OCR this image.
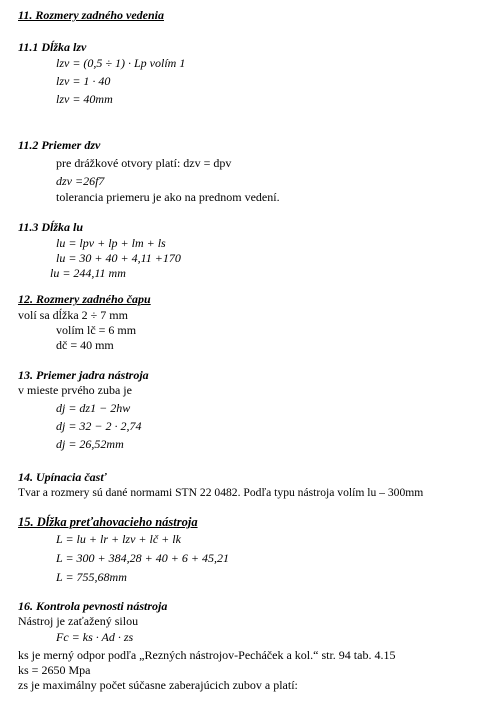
11. Rozmery zadného vedenia
11.1 Dĺžka lzv
lzv = (0,5 ÷ 1) · Lp volím 1
lzv = 1 · 40
lzv = 40mm
11.2 Priemer dzv
pre drážkové otvory platí: dzv = dpv
dzv =26f7
tolerancia priemeru je ako na prednom vedení.
11.3 Dĺžka lu
lu = lpv + lp + lm + ls
lu = 30 + 40 + 4,11 +170
lu = 244,11 mm
12. Rozmery zadného čapu
volí sa dĺžka 2 ÷ 7 mm
volím lč = 6 mm
dč = 40 mm
13. Priemer jadra nástroja
v mieste prvého zuba je
dj = dz1 − 2hw
dj = 32 − 2 · 2,74
dj = 26,52mm
14. Upínacia časť
Tvar a rozmery sú dané normami STN 22 0482. Podľa typu nástroja volím lu – 300mm
15. Dĺžka preťahovacieho nástroja
L = lu + lr + lzv + lč + lk
L = 300 + 384,28 + 40 + 6 + 45,21
L = 755,68mm
16. Kontrola pevnosti nástroja
Nástroj je zaťažený silou
Fc = ks · Ad · zs
ks je merný odpor podľa „Rezných nástrojov-Pecháček a kol.“ str. 94 tab. 4.15
ks = 2650 Mpa
zs je maximálny počet súčasne zaberajúcich zubov a platí:
